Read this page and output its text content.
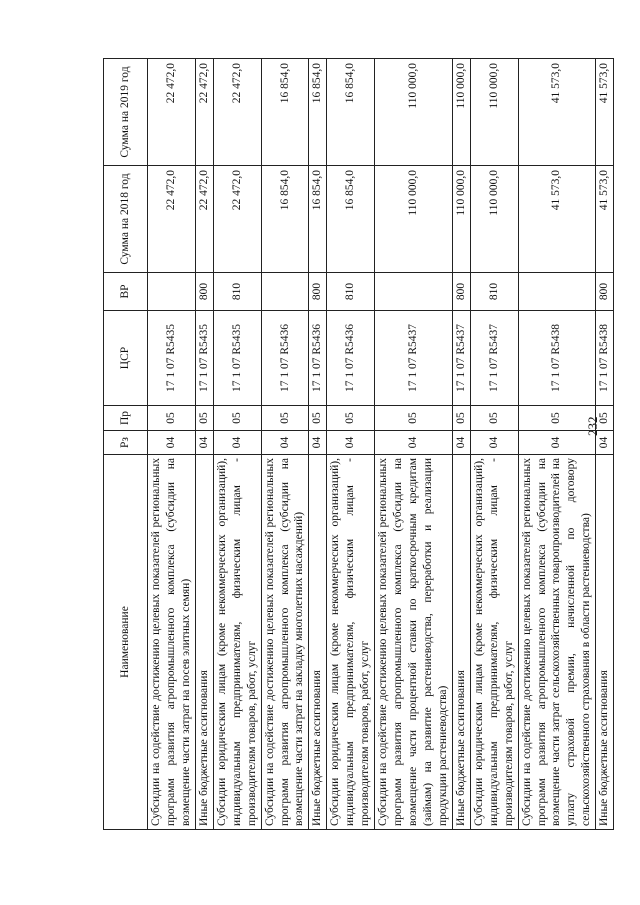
232
Наименование	Рз	Пр	ЦСР	ВР	Сумма на 2018 год	Сумма на 2019 год
Субсидии на содействие достижению целевых показателей региональных программ развития агропромышленного комплекса (субсидии на возмещение части затрат на посев элитных семян)	04	05	17 1 07 R5435		22 472,0	22 472,0
Иные бюджетные ассигнования	04	05	17 1 07 R5435	800	22 472,0	22 472,0
Субсидии юридическим лицам (кроме некоммерческих организаций), индивидуальным предпринимателям, физическим лицам - производителям товаров, работ, услуг	04	05	17 1 07 R5435	810	22 472,0	22 472,0
Субсидии на содействие достижению целевых показателей региональных программ развития агропромышленного комплекса (субсидии на возмещение части затрат на закладку многолетних насаждений)	04	05	17 1 07 R5436		16 854,0	16 854,0
Иные бюджетные ассигнования	04	05	17 1 07 R5436	800	16 854,0	16 854,0
Субсидии юридическим лицам (кроме некоммерческих организаций), индивидуальным предпринимателям, физическим лицам - производителям товаров, работ, услуг	04	05	17 1 07 R5436	810	16 854,0	16 854,0
Субсидии на содействие достижению целевых показателей региональных программ развития агропромышленного комплекса (субсидии на возмещение части процентной ставки по краткосрочным кредитам (займам) на развитие растениеводства, переработки и реализации продукции растениеводства)	04	05	17 1 07 R5437		110 000,0	110 000,0
Иные бюджетные ассигнования	04	05	17 1 07 R5437	800	110 000,0	110 000,0
Субсидии юридическим лицам (кроме некоммерческих организаций), индивидуальным предпринимателям, физическим лицам - производителям товаров, работ, услуг	04	05	17 1 07 R5437	810	110 000,0	110 000,0
Субсидии на содействие достижению целевых показателей региональных программ развития агропромышленного комплекса (субсидии на возмещение части затрат сельскохозяйственных товаропроизводителей на уплату страховой премии, начисленной по договору сельскохозяйственного страхования в области растениеводства)	04	05	17 1 07 R5438		41 573,0	41 573,0
Иные бюджетные ассигнования	04	05	17 1 07 R5438	800	41 573,0	41 573,0
